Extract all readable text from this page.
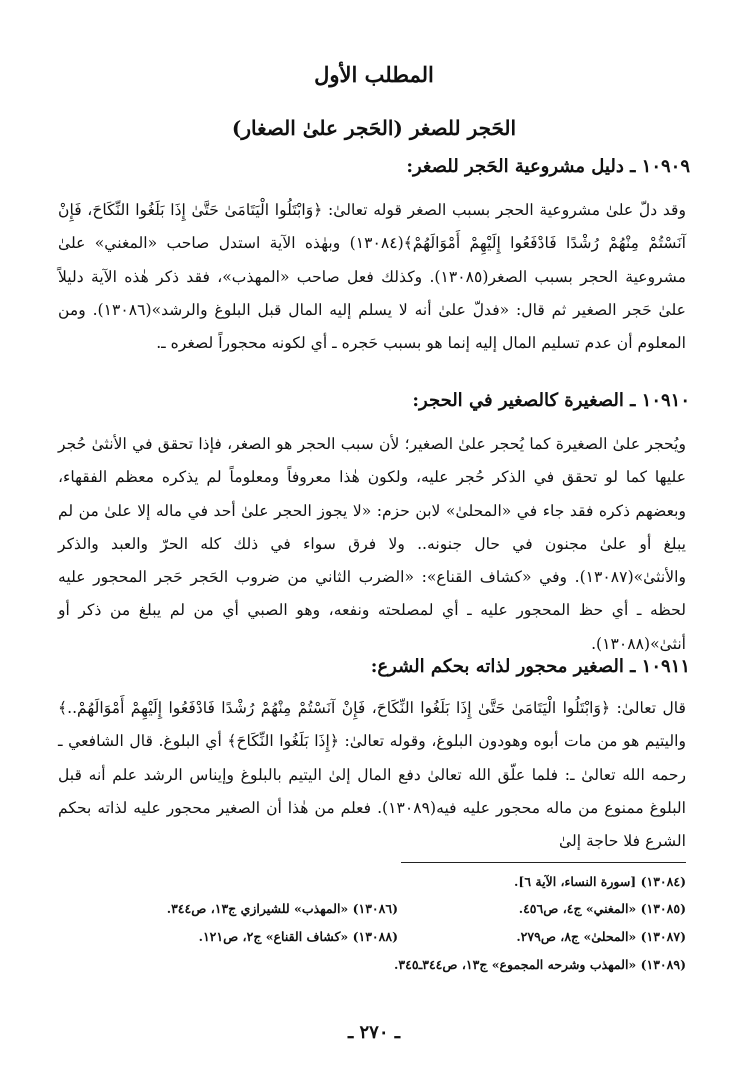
المطلب الأول
الحَجر للصغر (الحَجر علىٰ الصغار)
١٠٩٠٩ ـ دليل مشروعية الحَجر للصغر:
وقد دلّ علىٰ مشروعية الحجر بسبب الصغر قوله تعالىٰ: ﴿وَابْتَلُوا الْيَتَامَىٰ حَتَّىٰ إِذَا بَلَغُوا النِّكَاحَ، فَإِنْ آنَسْتُمْ مِنْهُمْ رُشْدًا فَادْفَعُوا إِلَيْهِمْ أَمْوَالَهُمْ﴾(١٣٠٨٤) وبهٰذه الآية استدل صاحب «المغني» علىٰ مشروعية الحجر بسبب الصغر(١٣٠٨٥). وكذلك فعل صاحب «المهذب»، فقد ذكر هٰذه الآية دليلاً علىٰ حَجر الصغير ثم قال: «فدلّ علىٰ أنه لا يسلم إليه المال قبل البلوغ والرشد»(١٣٠٨٦). ومن المعلوم أن عدم تسليم المال إليه إنما هو بسبب حَجره ـ أي لكونه محجوراً لصغره ـ.
١٠٩١٠ ـ الصغيرة كالصغير في الحجر:
ويُحجر علىٰ الصغيرة كما يُحجر علىٰ الصغير؛ لأن سبب الحجر هو الصغر، فإذا تحقق في الأنثىٰ حُجر عليها كما لو تحقق في الذكر حُجر عليه، ولكون هٰذا معروفاً ومعلوماً لم يذكره معظم الفقهاء، وبعضهم ذكره فقد جاء في «المحلىٰ» لابن حزم: «لا يجوز الحجر علىٰ أحد في ماله إلا علىٰ من لم يبلغ أو علىٰ مجنون في حال جنونه.. ولا فرق سواء في ذلك كله الحرّ والعبد والذكر والأنثىٰ»(١٣٠٨٧). وفي «كشاف القناع»: «الضرب الثاني من ضروب الحَجر حَجر المحجور عليه لحظه ـ أي حظ المحجور عليه ـ أي لمصلحته ونفعه، وهو الصبي أي من لم يبلغ من ذكر أو أنثىٰ»(١٣٠٨٨).
١٠٩١١ ـ الصغير محجور لذاته بحكم الشرع:
قال تعالىٰ: ﴿وَابْتَلُوا الْيَتَامَىٰ حَتَّىٰ إِذَا بَلَغُوا النِّكَاحَ، فَإِنْ آنَسْتُمْ مِنْهُمْ رُشْدًا فَادْفَعُوا إِلَيْهِمْ أَمْوَالَهُمْ..﴾ واليتيم هو من مات أبوه وهودون البلوغ، وقوله تعالىٰ: ﴿إِذَا بَلَغُوا النِّكَاحَ﴾ أي البلوغ. قال الشافعي ـ رحمه الله تعالىٰ ـ: فلما علّق الله تعالىٰ دفع المال إلىٰ اليتيم بالبلوغ وإيناس الرشد علم أنه قبل البلوغ ممنوع من ماله محجور عليه فيه(١٣٠٨٩). فعلم من هٰذا أن الصغير محجور عليه لذاته بحكم الشرع فلا حاجة إلىٰ
(١٣٠٨٤) [سورة النساء، الآية ٦].
(١٣٠٨٥) «المغني» ج٤، ص٤٥٦.
(١٣٠٨٦) «المهذب» للشيرازي ج١٣، ص٣٤٤.
(١٣٠٨٧) «المحلىٰ» ج٨، ص٢٧٩.
(١٣٠٨٨) «كشاف القناع» ج٢، ص١٢١.
(١٣٠٨٩) «المهذب وشرحه المجموع» ج١٣، ص٣٤٤ـ٣٤٥.
ـ ٢٧٠ ـ
